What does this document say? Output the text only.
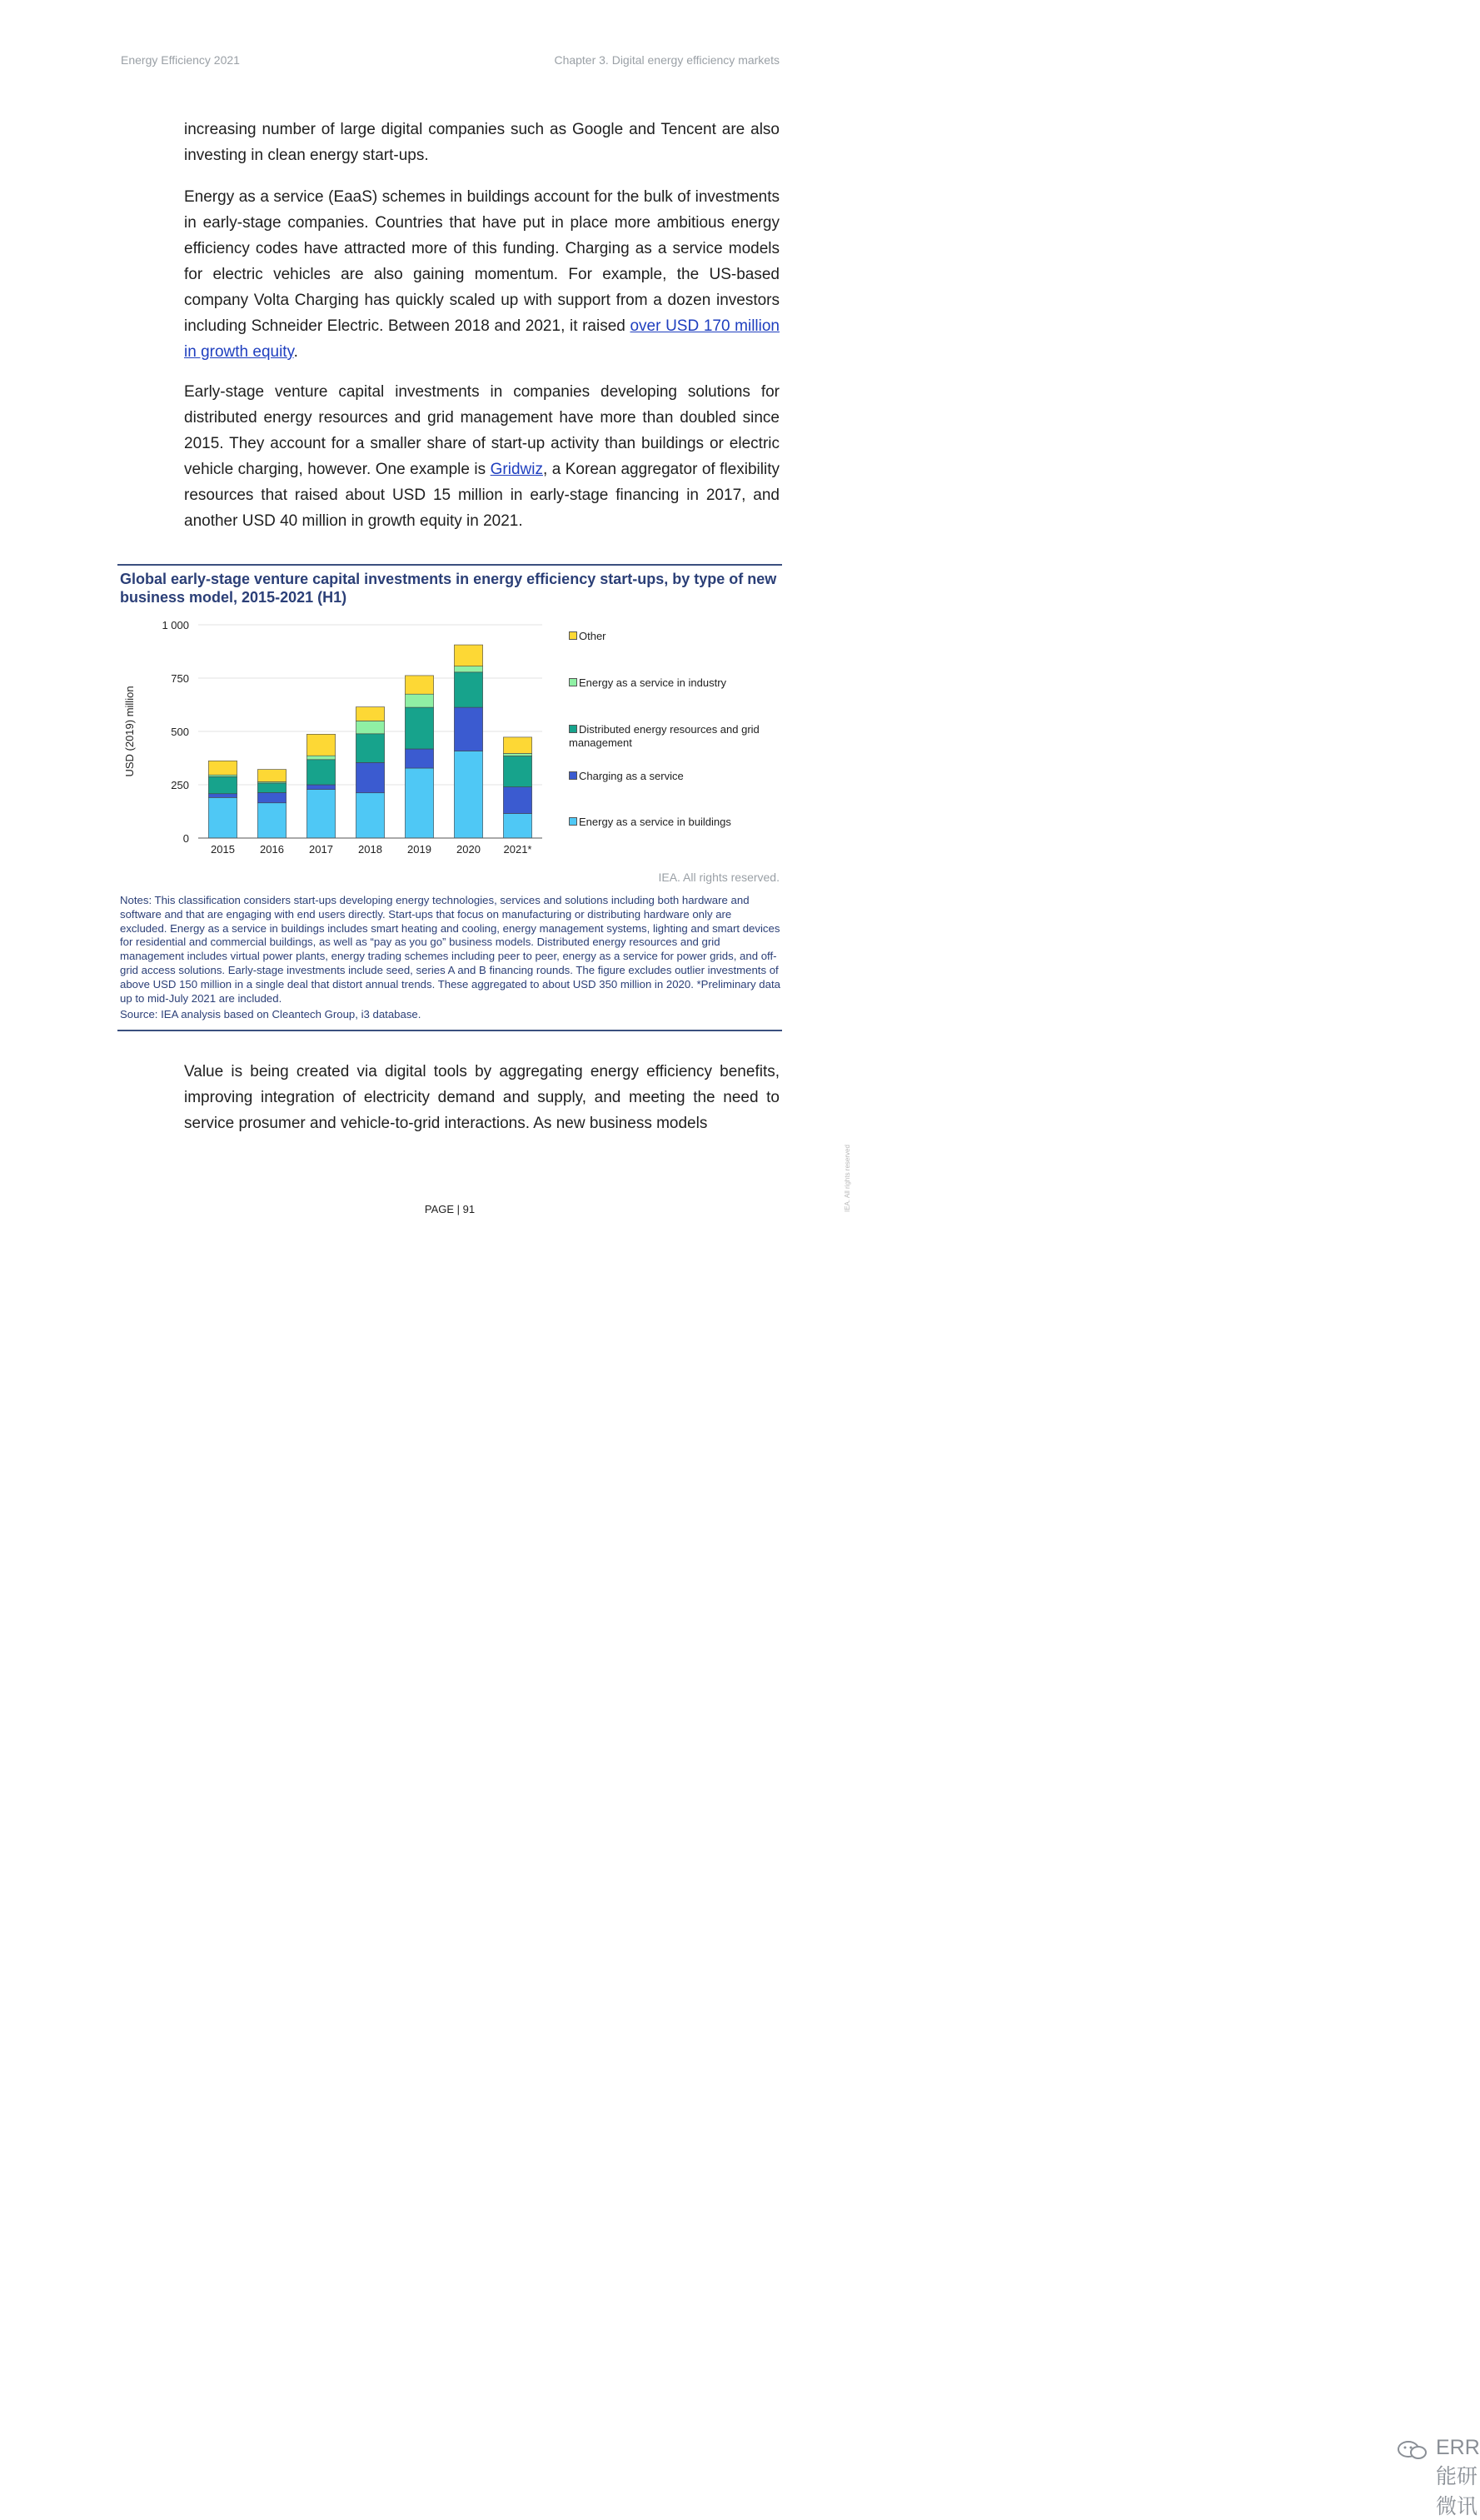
Energy Efficiency 2021	Chapter 3. Digital energy efficiency markets

increasing number of large digital companies such as Google and Tencent are also investing in clean energy start-ups.

Energy as a service (EaaS) schemes in buildings account for the bulk of investments in early-stage companies. Countries that have put in place more ambitious energy efficiency codes have attracted more of this funding. Charging as a service models for electric vehicles are also gaining momentum. For example, the US-based company Volta Charging has quickly scaled up with support from a dozen investors including Schneider Electric. Between 2018 and 2021, it raised over USD 170 million in growth equity.

Early-stage venture capital investments in companies developing solutions for distributed energy resources and grid management have more than doubled since 2015. They account for a smaller share of start-up activity than buildings or electric vehicle charging, however. One example is Gridwiz, a Korean aggregator of flexibility resources that raised about USD 15 million in early-stage financing in 2017, and another USD 40 million in growth equity in 2021.

Global early-stage venture capital investments in energy efficiency start-ups, by type of new business model, 2015-2021 (H1)
0
250
500
750
1 000
USD (2019) million
2015 2016 2017 2018 2019 2020 2021*
Other
Energy as a service in industry
Distributed energy resources and grid management
Charging as a service
Energy as a service in buildings
IEA. All rights reserved.
Notes: This classification considers start-ups developing energy technologies, services and solutions including both hardware and software and that are engaging with end users directly. Start-ups that focus on manufacturing or distributing hardware only are excluded. Energy as a service in buildings includes smart heating and cooling, energy management systems, lighting and smart devices for residential and commercial buildings, as well as “pay as you go” business models. Distributed energy resources and grid management includes virtual power plants, energy trading schemes including peer to peer, energy as a service for power grids, and off-grid access solutions. Early-stage investments include seed, series A and B financing rounds. The figure excludes outlier investments of above USD 150 million in a single deal that distort annual trends. These aggregated to about USD 350 million in 2020. *Preliminary data up to mid-July 2021 are included.
Source: IEA analysis based on Cleantech Group, i3 database.

Value is being created via digital tools by aggregating energy efficiency benefits, improving integration of electricity demand and supply, and meeting the need to service prosumer and vehicle-to-grid interactions. As new business models

PAGE | 91	IEA. All rights reserved
ERR能研微讯
